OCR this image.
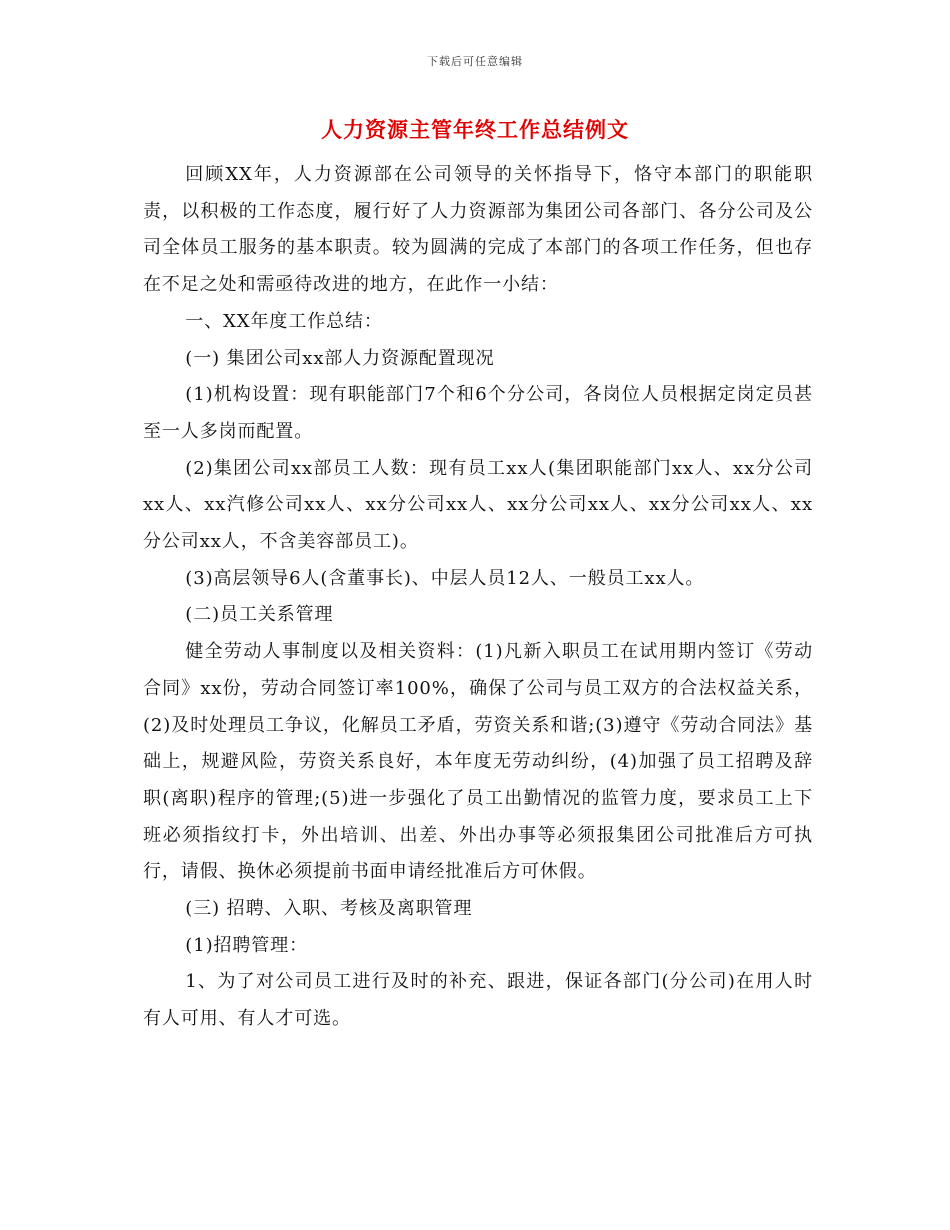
下载后可任意编辑
人力资源主管年终工作总结例文

回顾XX年，人力资源部在公司领导的关怀指导下，恪守本部门的职能职责，以积极的工作态度，履行好了人力资源部为集团公司各部门、各分公司及公司全体员工服务的基本职责。较为圆满的完成了本部门的各项工作任务，但也存在不足之处和需亟待改进的地方，在此作一小结：

一、XX年度工作总结：

(一) 集团公司xx部人力资源配置现况

(1)机构设置：现有职能部门7个和6个分公司，各岗位人员根据定岗定员甚至一人多岗而配置。

(2)集团公司xx部员工人数：现有员工xx人(集团职能部门xx人、xx分公司xx人、xx汽修公司xx人、xx分公司xx人、xx分公司xx人、xx分公司xx人、xx分公司xx人，不含美容部员工)。

(3)高层领导6人(含董事长)、中层人员12人、一般员工xx人。

(二)员工关系管理

健全劳动人事制度以及相关资料：(1)凡新入职员工在试用期内签订《劳动合同》xx份，劳动合同签订率100%，确保了公司与员工双方的合法权益关系，(2)及时处理员工争议，化解员工矛盾，劳资关系和谐;(3)遵守《劳动合同法》基础上，规避风险，劳资关系良好，本年度无劳动纠纷，(4)加强了员工招聘及辞职(离职)程序的管理;(5)进一步强化了员工出勤情况的监管力度，要求员工上下班必须指纹打卡，外出培训、出差、外出办事等必须报集团公司批准后方可执行，请假、换休必须提前书面申请经批准后方可休假。

(三) 招聘、入职、考核及离职管理

(1)招聘管理：

1、为了对公司员工进行及时的补充、跟进，保证各部门(分公司)在用人时有人可用、有人才可选。
